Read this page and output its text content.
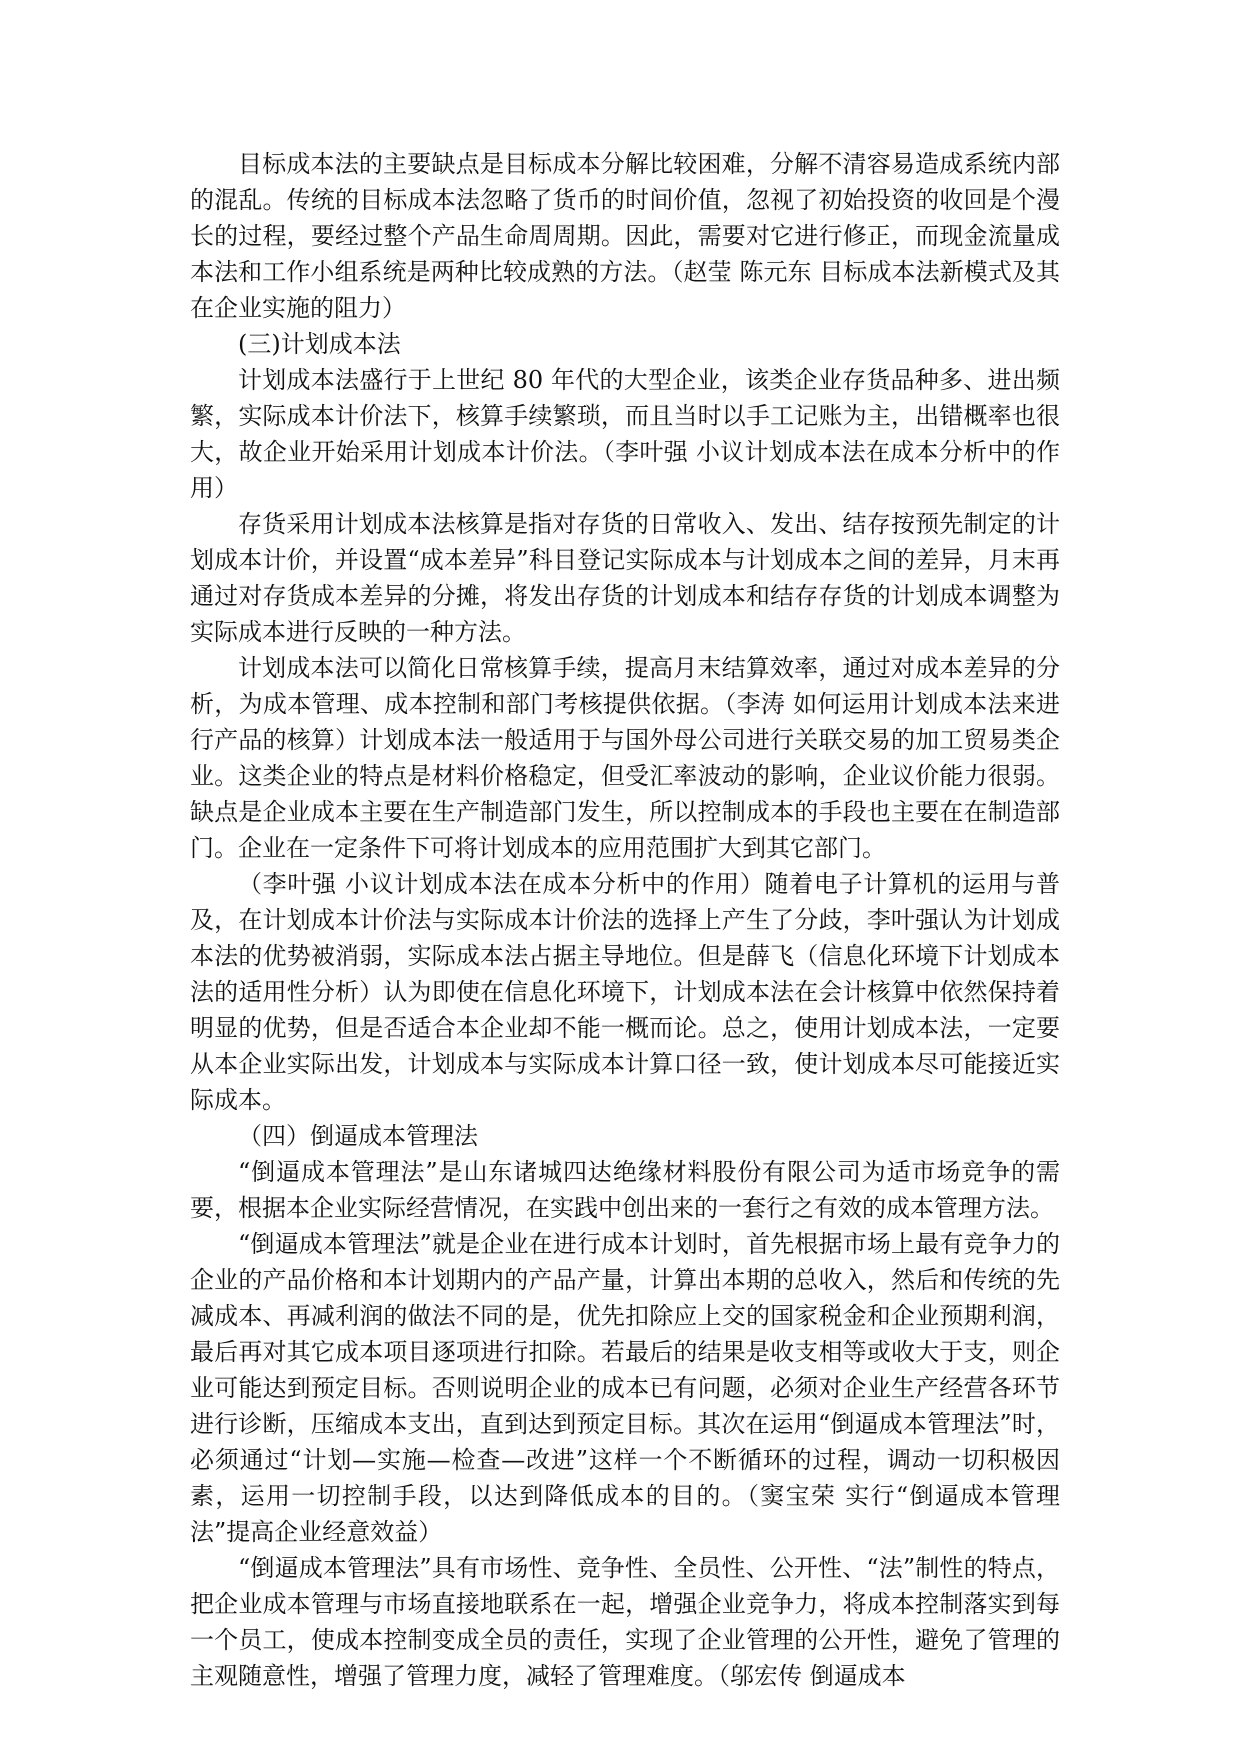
目标成本法的主要缺点是目标成本分解比较困难，分解不清容易造成系统内部的混乱。传统的目标成本法忽略了货币的时间价值，忽视了初始投资的收回是个漫长的过程，要经过整个产品生命周周期。因此，需要对它进行修正，而现金流量成本法和工作小组系统是两种比较成熟的方法。（赵莹 陈元东 目标成本法新模式及其在企业实施的阻力）

(三)计划成本法

计划成本法盛行于上世纪 80 年代的大型企业，该类企业存货品种多、进出频繁，实际成本计价法下，核算手续繁琐，而且当时以手工记账为主，出错概率也很大，故企业开始采用计划成本计价法。（李叶强 小议计划成本法在成本分析中的作用）

存货采用计划成本法核算是指对存货的日常收入、发出、结存按预先制定的计划成本计价，并设置“成本差异”科目登记实际成本与计划成本之间的差异，月末再通过对存货成本差异的分摊，将发出存货的计划成本和结存存货的计划成本调整为实际成本进行反映的一种方法。

计划成本法可以简化日常核算手续，提高月末结算效率，通过对成本差异的分析，为成本管理、成本控制和部门考核提供依据。（李涛 如何运用计划成本法来进行产品的核算）计划成本法一般适用于与国外母公司进行关联交易的加工贸易类企业。这类企业的特点是材料价格稳定，但受汇率波动的影响，企业议价能力很弱。缺点是企业成本主要在生产制造部门发生，所以控制成本的手段也主要在在制造部门。企业在一定条件下可将计划成本的应用范围扩大到其它部门。

（李叶强 小议计划成本法在成本分析中的作用）随着电子计算机的运用与普及，在计划成本计价法与实际成本计价法的选择上产生了分歧，李叶强认为计划成本法的优势被消弱，实际成本法占据主导地位。但是薛飞（信息化环境下计划成本法的适用性分析）认为即使在信息化环境下，计划成本法在会计核算中依然保持着明显的优势，但是否适合本企业却不能一概而论。总之，使用计划成本法，一定要从本企业实际出发，计划成本与实际成本计算口径一致，使计划成本尽可能接近实际成本。

（四）倒逼成本管理法

“倒逼成本管理法”是山东诸城四达绝缘材料股份有限公司为适市场竞争的需要，根据本企业实际经营情况，在实践中创出来的一套行之有效的成本管理方法。

“倒逼成本管理法”就是企业在进行成本计划时，首先根据市场上最有竞争力的企业的产品价格和本计划期内的产品产量，计算出本期的总收入，然后和传统的先减成本、再减利润的做法不同的是，优先扣除应上交的国家税金和企业预期利润，最后再对其它成本项目逐项进行扣除。若最后的结果是收支相等或收大于支，则企业可能达到预定目标。否则说明企业的成本已有问题，必须对企业生产经营各环节进行诊断，压缩成本支出，直到达到预定目标。其次在运用“倒逼成本管理法”时，必须通过“计划—实施—检查—改进”这样一个不断循环的过程，调动一切积极因素，运用一切控制手段，以达到降低成本的目的。（窦宝荣 实行“倒逼成本管理法”提高企业经意效益）

“倒逼成本管理法”具有市场性、竞争性、全员性、公开性、“法”制性的特点，把企业成本管理与市场直接地联系在一起，增强企业竞争力，将成本控制落实到每一个员工，使成本控制变成全员的责任，实现了企业管理的公开性，避免了管理的主观随意性，增强了管理力度，减轻了管理难度。（邬宏传 倒逼成本
